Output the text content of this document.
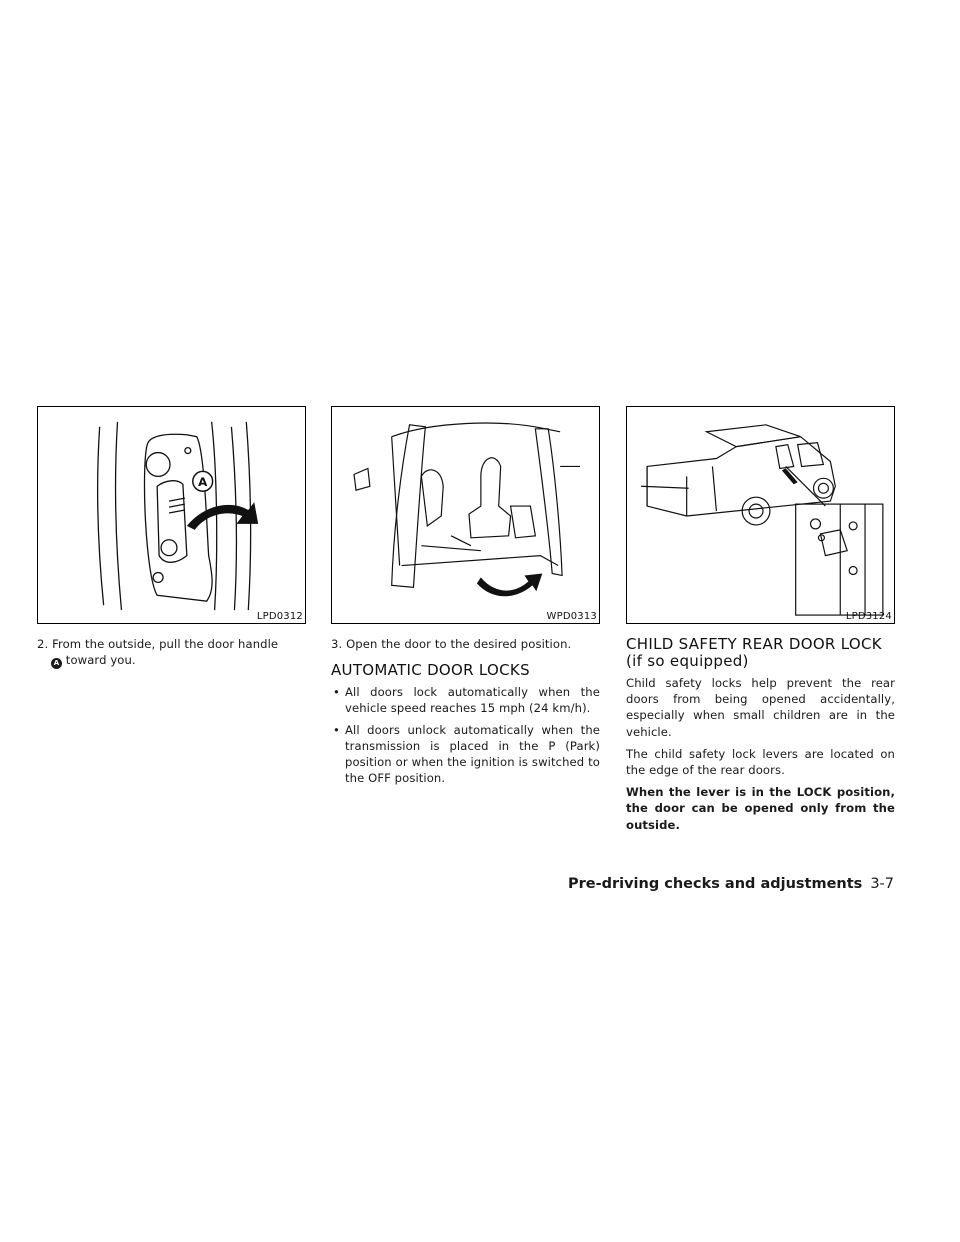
A
LPD0312	WPD0313	LPD3124

2. From the outside, pull the door handle
A toward you.

3. Open the door to the desired position.

AUTOMATIC DOOR LOCKS
• All doors lock automatically when the vehicle speed reaches 15 mph (24 km/h).
• All doors unlock automatically when the transmission is placed in the P (Park) position or when the ignition is switched to the OFF position.
CHILD SAFETY REAR DOOR LOCK
(if so equipped)

Child safety locks help prevent the rear doors from being opened accidentally, especially when small children are in the vehicle.

The child safety lock levers are located on the edge of the rear doors.

When the lever is in the LOCK position, the door can be opened only from the outside.

Pre-driving checks and adjustments 3-7
